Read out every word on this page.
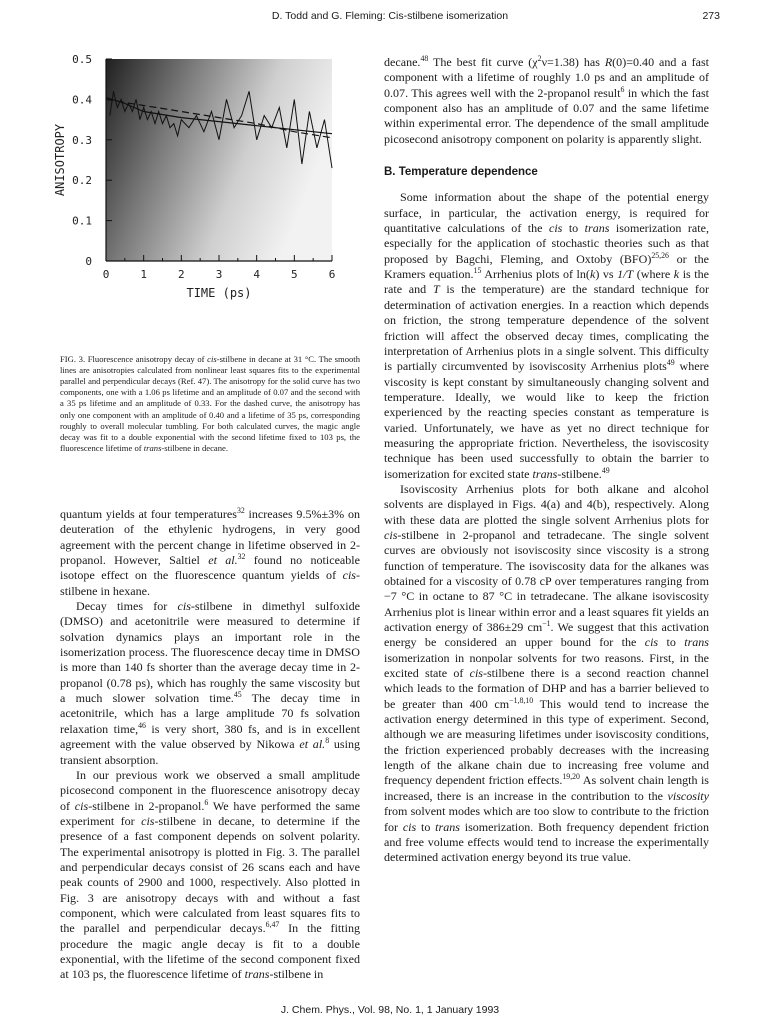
D. Todd and G. Fleming: Cis-stilbene isomerization	273
0
0.1
0.2
0.3
0.4
0.5
0	1	2	3	4	5	6
ANISOTROPY
TIME (ps)

FIG. 3. Fluorescence anisotropy decay of cis-stilbene in decane at 31 °C. The smooth lines are anisotropies calculated from nonlinear least squares fits to the experimental parallel and perpendicular decays (Ref. 47). The anisotropy for the solid curve has two components, one with a 1.06 ps lifetime and an amplitude of 0.07 and the second with a 35 ps lifetime and an amplitude of 0.33. For the dashed curve, the anisotropy has only one component with an amplitude of 0.40 and a lifetime of 35 ps, corresponding roughly to overall molecular tumbling. For both calculated curves, the magic angle decay was fit to a double exponential with the second lifetime fixed to 103 ps, the fluorescence lifetime of trans-stilbene in decane.

quantum yields at four temperatures$^{32}$ increases 9.5%±3% on deuteration of the ethylenic hydrogens, in very good agreement with the percent change in lifetime observed in 2-propanol. However, Saltiel et al.$^{32}$ found no noticeable isotope effect on the fluorescence quantum yields of cis-stilbene in hexane.

Decay times for cis-stilbene in dimethyl sulfoxide (DMSO) and acetonitrile were measured to determine if solvation dynamics plays an important role in the isomerization process. The fluorescence decay time in DMSO is more than 140 fs shorter than the average decay time in 2-propanol (0.78 ps), which has roughly the same viscosity but a much slower solvation time.$^{45}$ The decay time in acetonitrile, which has a large amplitude 70 fs solvation relaxation time,$^{46}$ is very short, 380 fs, and is in excellent agreement with the value observed by Nikowa et al.$^8$ using transient absorption.

In our previous work we observed a small amplitude picosecond component in the fluorescence anisotropy decay of cis-stilbene in 2-propanol.$^6$ We have performed the same experiment for cis-stilbene in decane, to determine if the presence of a fast component depends on solvent polarity. The experimental anisotropy is plotted in Fig. 3. The parallel and perpendicular decays consist of 26 scans each and have peak counts of 2900 and 1000, respectively. Also plotted in Fig. 3 are anisotropy decays with and without a fast component, which were calculated from least squares fits to the parallel and perpendicular decays.$^{6,47}$ In the fitting procedure the magic angle decay is fit to a double exponential, with the lifetime of the second component fixed at 103 ps, the fluorescence lifetime of trans-stilbene in

decane.$^{48}$ The best fit curve $(\chi^2\nu=1.38)$ has R(0)=0.40 and a fast component with a lifetime of roughly 1.0 ps and an amplitude of 0.07. This agrees well with the 2-propanol result$^6$ in which the fast component also has an amplitude of 0.07 and the same lifetime within experimental error. The dependence of the small amplitude picosecond anisotropy component on polarity is apparently slight.

B. Temperature dependence

Some information about the shape of the potential energy surface, in particular, the activation energy, is required for quantitative calculations of the cis to trans isomerization rate, especially for the application of stochastic theories such as that proposed by Bagchi, Fleming, and Oxtoby (BFO)$^{25,26}$ or the Kramers equation.$^{15}$ Arrhenius plots of ln(k) vs 1/T (where k is the rate and T is the temperature) are the standard technique for determination of activation energies. In a reaction which depends on friction, the strong temperature dependence of the solvent friction will affect the observed decay times, complicating the interpretation of Arrhenius plots in a single solvent. This difficulty is partially circumvented by isoviscosity Arrhenius plots$^{49}$ where viscosity is kept constant by simultaneously changing solvent and temperature. Ideally, we would like to keep the friction experienced by the reacting species constant as temperature is varied. Unfortunately, we have as yet no direct technique for measuring the appropriate friction. Nevertheless, the isoviscosity technique has been used successfully to obtain the barrier to isomerization for excited state trans-stilbene.$^{49}$

Isoviscosity Arrhenius plots for both alkane and alcohol solvents are displayed in Figs. 4(a) and 4(b), respectively. Along with these data are plotted the single solvent Arrhenius plots for cis-stilbene in 2-propanol and tetradecane. The single solvent curves are obviously not isoviscosity since viscosity is a strong function of temperature. The isoviscosity data for the alkanes was obtained for a viscosity of 0.78 cP over temperatures ranging from −7 °C in octane to 87 °C in tetradecane. The alkane isoviscosity Arrhenius plot is linear within error and a least squares fit yields an activation energy of 386±29 $cm^{-1}$. We suggest that this activation energy be considered an upper bound for the cis to trans isomerization in nonpolar solvents for two reasons. First, in the excited state of cis-stilbene there is a second reaction channel which leads to the formation of DHP and has a barrier believed to be greater than 400 $cm^{-1,8,10}$ This would tend to increase the activation energy determined in this type of experiment. Second, although we are measuring lifetimes under isoviscosity conditions, the friction experienced probably decreases with the increasing length of the alkane chain due to increasing free volume and frequency dependent friction effects.$^{19,20}$ As solvent chain length is increased, there is an increase in the contribution to the viscosity from solvent modes which are too slow to contribute to the friction for cis to trans isomerization. Both frequency dependent friction and free volume effects would tend to increase the experimentally determined activation energy beyond its true value.

J. Chem. Phys., Vol. 98, No. 1, 1 January 1993
